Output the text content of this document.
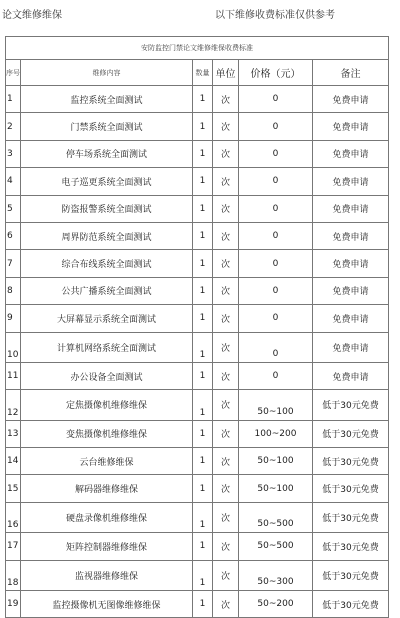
论文维修维保	以下维修收费标准仅供参考
安防监控门禁论文维修维保收费标准					
序号	维修内容	数量	单位	价格（元）	备注
1	监控系统全面测试	1	次	0	免费申请
2	门禁系统全面测试	1	次	0	免费申请
3	停车场系统全面测试	1	次	0	免费申请
4	电子巡更系统全面测试	1	次	0	免费申请
5	防盗报警系统全面测试	1	次	0	免费申请
6	周界防范系统全面测试	1	次	0	免费申请
7	综合布线系统全面测试	1	次	0	免费申请
8	公共广播系统全面测试	1	次	0	免费申请
9	大屏幕显示系统全面测试	1	次	0	免费申请
10	计算机网络系统全面测试	1	次	0	免费申请
11	办公设备全面测试	1	次	0	免费申请
12	定焦摄像机维修维保	1	次	50~100	低于30元免费
13	变焦摄像机维修维保	1	次	100~200	低于30元免费
14	云台维修维保	1	次	50~100	低于30元免费
15	解码器维修维保	1	次	50~100	低于30元免费
16	硬盘录像机维修维保	1	次	50~500	低于30元免费
17	矩阵控制器维修维保	1	次	50~500	低于30元免费
18	监视器维修维保	1	次	50~300	低于30元免费
19	监控摄像机无图像维修维保	1	次	50~200	低于30元免费
